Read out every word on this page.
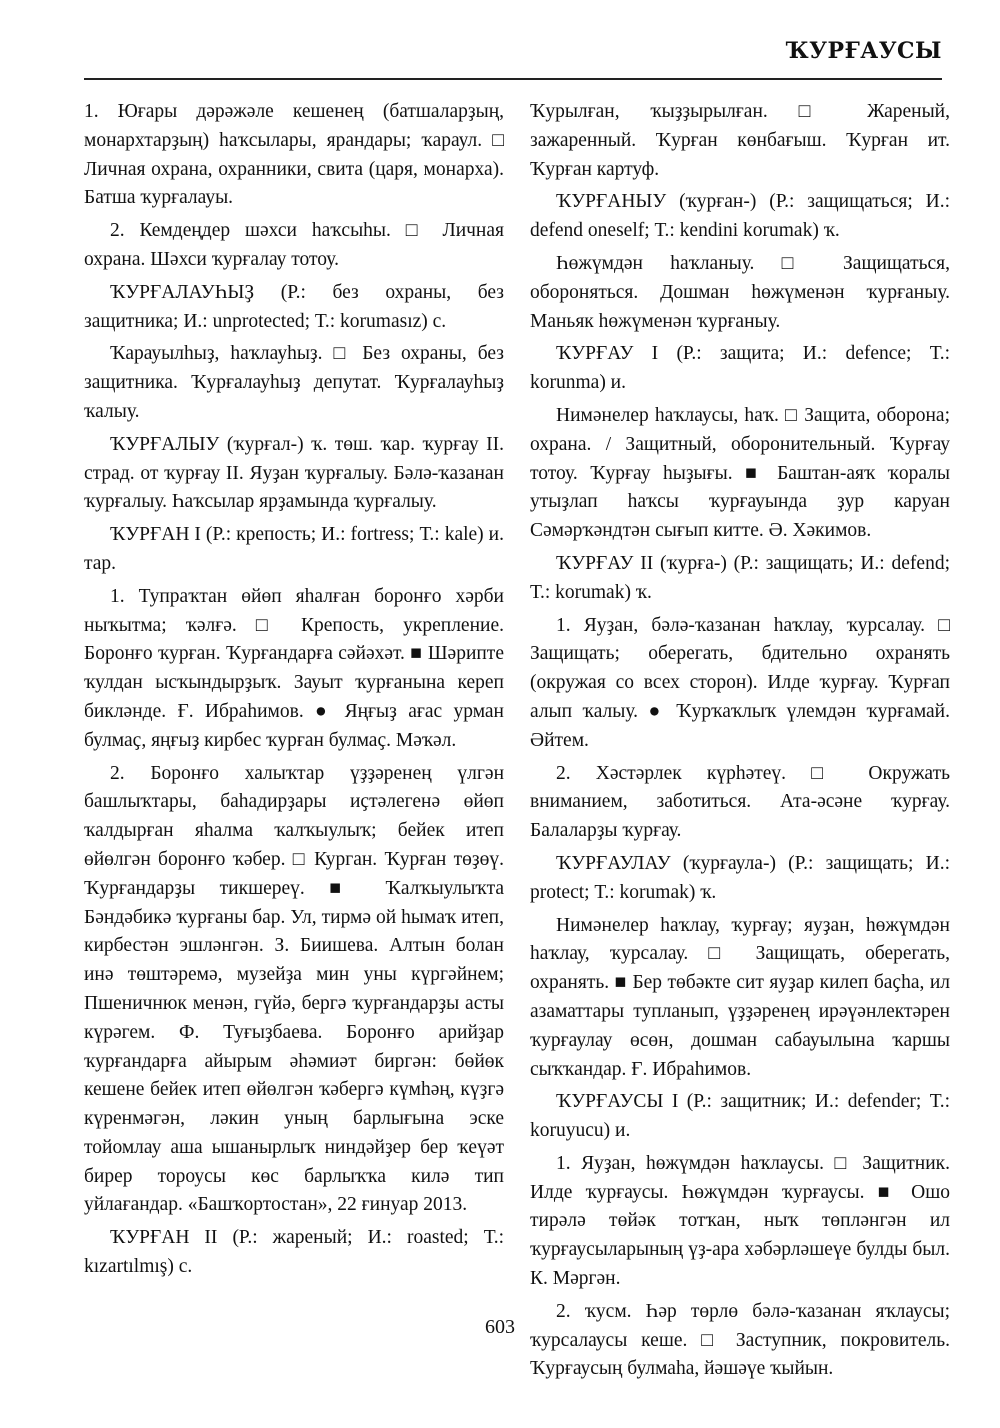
ҠУРҒАУСЫ

1. Юғары дәрәжәле кешенең (батшаларҙың, монархтарҙың) һаҡсылары, ярандары; ҡараул. □ Личная охрана, охранники, свита (царя, монарха). Батша ҡурғалауы.

2. Кемдеңдер шәхси һаҡсыһы. □ Личная охрана. Шәхси ҡурғалау тотоу.

ҠУРҒАЛАУҺЫҘ (Р.: без охраны, без защитника; И.: unprotected; Т.: korumasız) с.

Ҡарауылһыҙ, һаҡлауһыҙ. □ Без охраны, без защитника. Ҡурғалауһыҙ депутат. Ҡурғалауһыҙ ҡалыу.

ҠУРҒАЛЫУ (ҡурғал-) ҡ. төш. ҡар. ҡурғау II. страд. от ҡурғау II. Яуҙан ҡурғалыу. Бәлә-ҡазанан ҡурғалыу. Һаҡсылар ярҙамында ҡурғалыу.

ҠУРҒАН I (Р.: крепость; И.: fortress; Т.: kale) и. тар.

1. Тупраҡтан өйөп яһалған боронғо хәрби ныҡытма; ҡәлғә. □ Крепость, укрепление. Боронғо ҡурған. Ҡурғандарға сәйәхәт. ■ Шәрипте ҡулдан ысҡындырҙыҡ. Зауыт ҡурғанына кереп бикләнде. Ғ. Ибраһимов. ● Яңғыҙ ағас урман булмаҫ, яңғыҙ кирбес ҡурған булмаҫ. Мәҡәл.

2. Боронғо халыҡтар үҙҙәренең үлгән башлыҡтары, баһадирҙары иҫтәлегенә өйөп ҡалдырған яһалма ҡалҡыулыҡ; бейек итеп өйөлгән боронғо ҡәбер. □ Курган. Ҡурған төҙөү. Ҡурғандарҙы тикшереү. ■ Ҡалҡыулыҡта Бәндәбикә ҡурғаны бар. Ул, тирмә ой һымаҡ итеп, кирбестән эшләнгән. З. Биишева. Алтын болан инә төштәремә, музейҙа мин уны күргәйнем; Пшеничнюк менән, гүйә, бергә ҡурғандарҙы асты күрәгем. Ф. Туғыҙбаева. Боронғо арийҙар ҡурғандарға айырым әһәмиәт биргән: бөйөк кешене бейек итеп өйөлгән ҡәбергә күмһәң, күҙгә күренмәгән, ләкин уның барлығына эске тойомлау аша ышанырлыҡ ниндәйҙер бер ҡеүәт бирер тороусы көс барлыҡҡа килә тип уйлағандар. «Башҡортостан», 22 ғинуар 2013.

ҠУРҒАН II (Р.: жареный; И.: roasted; Т.: kızartılmış) с.

Ҡурылған, ҡыҙҙырылған. □ Жареный, зажаренный. Ҡурған көнбағыш. Ҡурған ит. Ҡурған картуф.

ҠУРҒАНЫУ (ҡурған-) (Р.: защищаться; И.: defend oneself; Т.: kendini korumak) ҡ.

Һөжүмдән һаҡланыу. □ Защищаться, обороняться. Дошман һөжүменән ҡурғаныу. Маньяк һөжүменән ҡурғаныу.

ҠУРҒАУ I (Р.: защита; И.: defence; Т.: korunma) и.

Нимәнелер һаҡлаусы, һаҡ. □ Защита, оборона; охрана. / Защитный, оборонительный. Ҡурғау тотоу. Ҡурғау һыҙығы. ■ Баштан-аяҡ ҡоралы утыҙлап һаҡсы ҡурғауында ҙур каруан Сәмәрҡәндтән сығып китте. Ә. Хәкимов.

ҠУРҒАУ II (ҡурға-) (Р.: защищать; И.: defend; Т.: korumak) ҡ.

1. Яуҙан, бәлә-ҡазанан һаҡлау, ҡурсалау. □ Защищать; оберегать, бдительно охранять (окружая со всех сторон). Илде ҡурғау. Ҡурғап алып ҡалыу. ● Ҡурҡаҡлыҡ үлемдән ҡурғамай. Әйтем.

2. Хәстәрлек күрһәтеү. □ Окружать вниманием, заботиться. Ата-әсәне ҡурғау. Балаларҙы ҡурғау.

ҠУРҒАУЛАУ (ҡурғаула-) (Р.: защищать; И.: protect; Т.: korumak) ҡ.

Нимәнелер һаҡлау, ҡурғау; яуҙан, һөжүмдән һаҡлау, ҡурсалау. □ Защищать, оберегать, охранять. ■ Бер төбәкте сит яуҙар килеп баҫһа, ил азаматтары тупланып, үҙҙәренең ирәүәнлектәрен ҡурғаулау өсөн, дошман сабауылына ҡаршы сыҡҡандар. Ғ. Ибраһимов.

ҠУРҒАУСЫ I (Р.: защитник; И.: defender; Т.: koruyucu) и.

1. Яуҙан, һөжүмдән һаҡлаусы. □ Защитник. Илде ҡурғаусы. Һөжүмдән ҡурғаусы. ■ Ошо тирәлә төйәк тотҡан, ныҡ төпләнгән ил ҡурғаусыларының үҙ-ара хәбәрләшеүе булды был. К. Мәргән.

2. ҡусм. Һәр төрлө бәлә-ҡазанан яҡлаусы; ҡурсалаусы кеше. □ Заступник, покровитель. Ҡурғаусың булмаһа, йәшәүе ҡыйын.

603
